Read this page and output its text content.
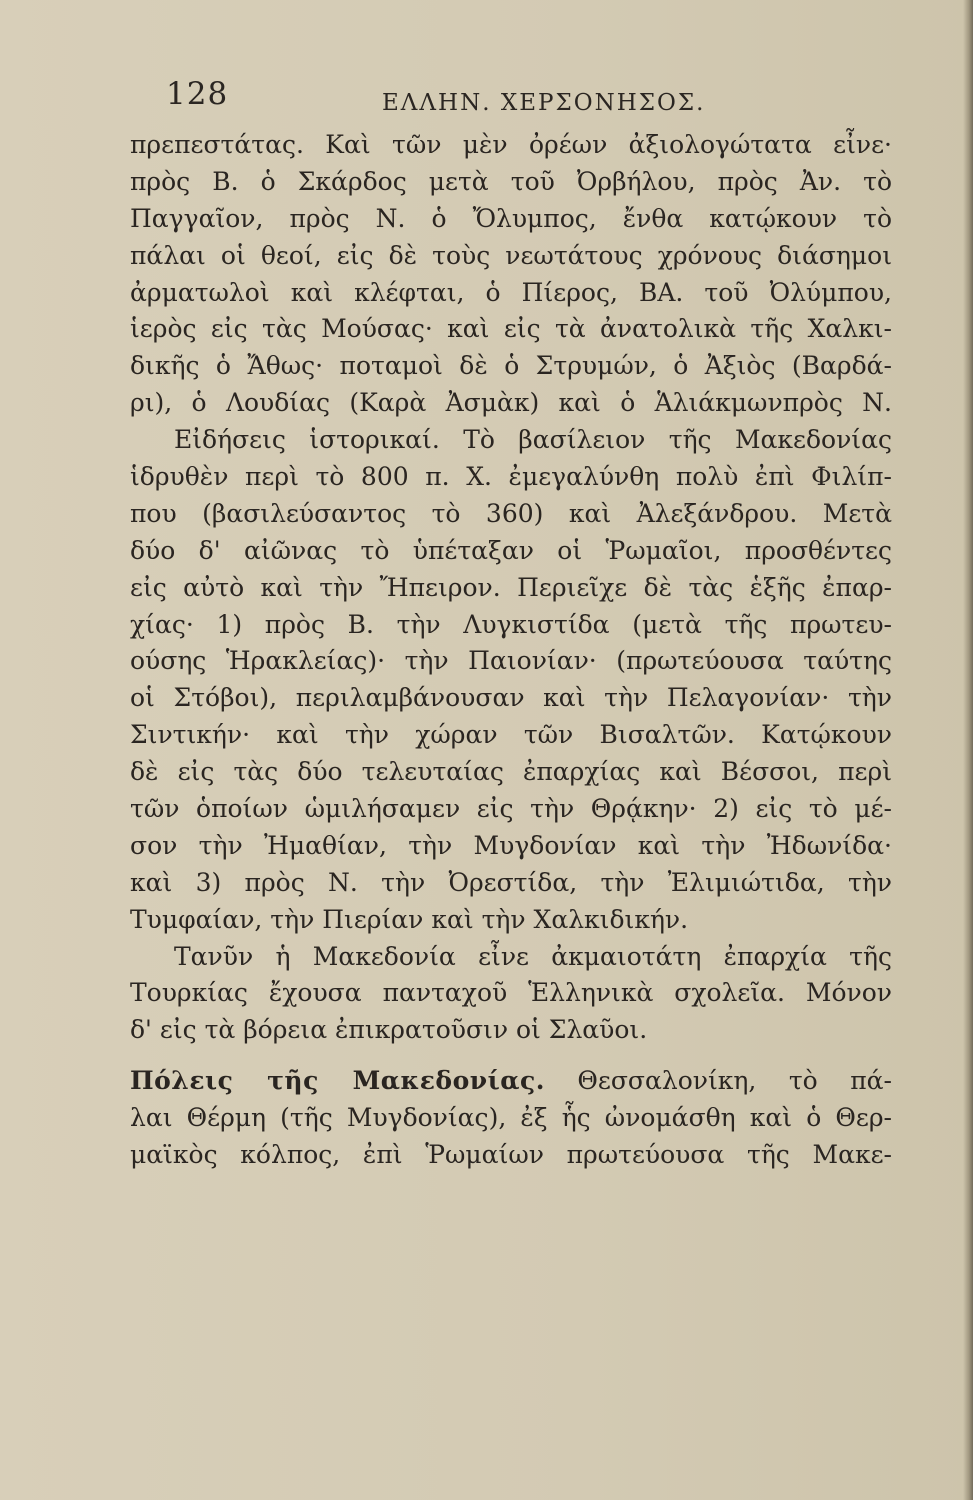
128	ΕΛΛΗΝ. ΧΕΡΣΟΝΗΣΟΣ.
πρεπεστάτας. Καὶ τῶν μὲν ὀρέων ἀξιολογώτατα εἶνε·
πρὸς Β. ὁ Σκάρδος μετὰ τοῦ Ὀρβήλου, πρὸς Ἀν. τὸ
Παγγαῖον, πρὸς Ν. ὁ Ὄλυμπος, ἔνθα κατῴκουν τὸ
πάλαι οἱ θεοί, εἰς δὲ τοὺς νεωτάτους χρόνους διάσημοι
ἀρματωλοὶ καὶ κλέφται, ὁ Πίερος, ΒΑ. τοῦ Ὀλύμπου,
ἱερὸς εἰς τὰς Μούσας· καὶ εἰς τὰ ἀνατολικὰ τῆς Χαλκι-
δικῆς ὁ Ἄθως· ποταμοὶ δὲ ὁ Στρυμών, ὁ Ἀξιὸς (Βαρδά-
ρι), ὁ Λουδίας (Καρὰ Ἀσμὰκ) καὶ ὁ Ἁλιάκμωνπρὸς Ν.
Εἰδήσεις ἱστορικαί. Τὸ βασίλειον τῆς Μακεδονίας
ἱδρυθὲν περὶ τὸ 800 π. Χ. ἐμεγαλύνθη πολὺ ἐπὶ Φιλίπ-
που (βασιλεύσαντος τὸ 360) καὶ Ἀλεξάνδρου. Μετὰ
δύο δ' αἰῶνας τὸ ὑπέταξαν οἱ Ῥωμαῖοι, προσθέντες
εἰς αὐτὸ καὶ τὴν Ἤπειρον. Περιεῖχε δὲ τὰς ἑξῆς ἐπαρ-
χίας· 1) πρὸς Β. τὴν Λυγκιστίδα (μετὰ τῆς πρωτευ-
ούσης Ἡρακλείας)· τὴν Παιονίαν· (πρωτεύουσα ταύτης
οἱ Στόβοι), περιλαμβάνουσαν καὶ τὴν Πελαγονίαν· τὴν
Σιντικήν· καὶ τὴν χώραν τῶν Βισαλτῶν. Κατῴκουν
δὲ εἰς τὰς δύο τελευταίας ἐπαρχίας καὶ Βέσσοι, περὶ
τῶν ὁποίων ὡμιλήσαμεν εἰς τὴν Θρᾴκην· 2) εἰς τὸ μέ-
σον τὴν Ἠμαθίαν, τὴν Μυγδονίαν καὶ τὴν Ἠδωνίδα·
καὶ 3) πρὸς Ν. τὴν Ὀρεστίδα, τὴν Ἐλιμιώτιδα, τὴν
Τυμφαίαν, τὴν Πιερίαν καὶ τὴν Χαλκιδικήν.
Τανῦν ἡ Μακεδονία εἶνε ἀκμαιοτάτη ἐπαρχία τῆς
Τουρκίας ἔχουσα πανταχοῦ Ἑλληνικὰ σχολεῖα. Μόνον
δ' εἰς τὰ βόρεια ἐπικρατοῦσιν οἱ Σλαῦοι.
Πόλεις τῆς Μακεδονίας. Θεσσαλονίκη, τὸ πά-
λαι Θέρμη (τῆς Μυγδονίας), ἐξ ἧς ὠνομάσθη καὶ ὁ Θερ-
μαϊκὸς κόλπος, ἐπὶ Ῥωμαίων πρωτεύουσα τῆς Μακε-
